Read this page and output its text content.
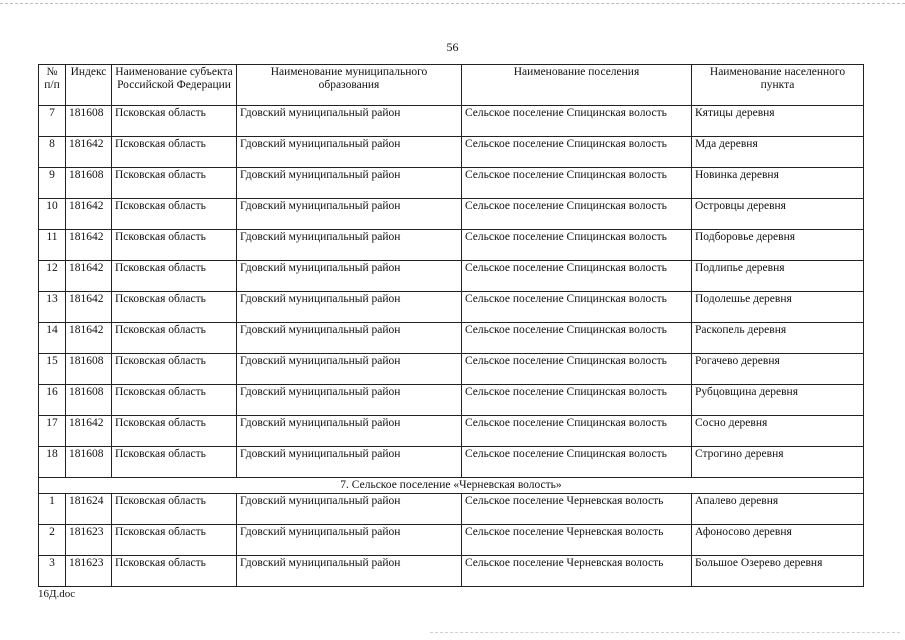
56
№ п/п	Индекс	Наименование субъекта Российской Федерации	Наименование муниципального образования	Наименование поселения	Наименование населенного пункта
7	181608	Псковская область	Гдовский муниципальный район	Сельское поселение Спицинская волость	Кятицы деревня
8	181642	Псковская область	Гдовский муниципальный район	Сельское поселение Спицинская волость	Мда деревня
9	181608	Псковская область	Гдовский муниципальный район	Сельское поселение Спицинская волость	Новинка деревня
10	181642	Псковская область	Гдовский муниципальный район	Сельское поселение Спицинская волость	Островцы деревня
11	181642	Псковская область	Гдовский муниципальный район	Сельское поселение Спицинская волость	Подборовье деревня
12	181642	Псковская область	Гдовский муниципальный район	Сельское поселение Спицинская волость	Подлипье деревня
13	181642	Псковская область	Гдовский муниципальный район	Сельское поселение Спицинская волость	Подолешье деревня
14	181642	Псковская область	Гдовский муниципальный район	Сельское поселение Спицинская волость	Раскопель деревня
15	181608	Псковская область	Гдовский муниципальный район	Сельское поселение Спицинская волость	Рогачево деревня
16	181608	Псковская область	Гдовский муниципальный район	Сельское поселение Спицинская волость	Рубцовщина деревня
17	181642	Псковская область	Гдовский муниципальный район	Сельское поселение Спицинская волость	Сосно деревня
18	181608	Псковская область	Гдовский муниципальный район	Сельское поселение Спицинская волость	Строгино деревня
7. Сельское поселение «Черневская волость»					
1	181624	Псковская область	Гдовский муниципальный район	Сельское поселение Черневская волость	Апалево деревня
2	181623	Псковская область	Гдовский муниципальный район	Сельское поселение Черневская волость	Афоносово деревня
3	181623	Псковская область	Гдовский муниципальный район	Сельское поселение Черневская волость	Большое Озерево деревня
16Д.doc
